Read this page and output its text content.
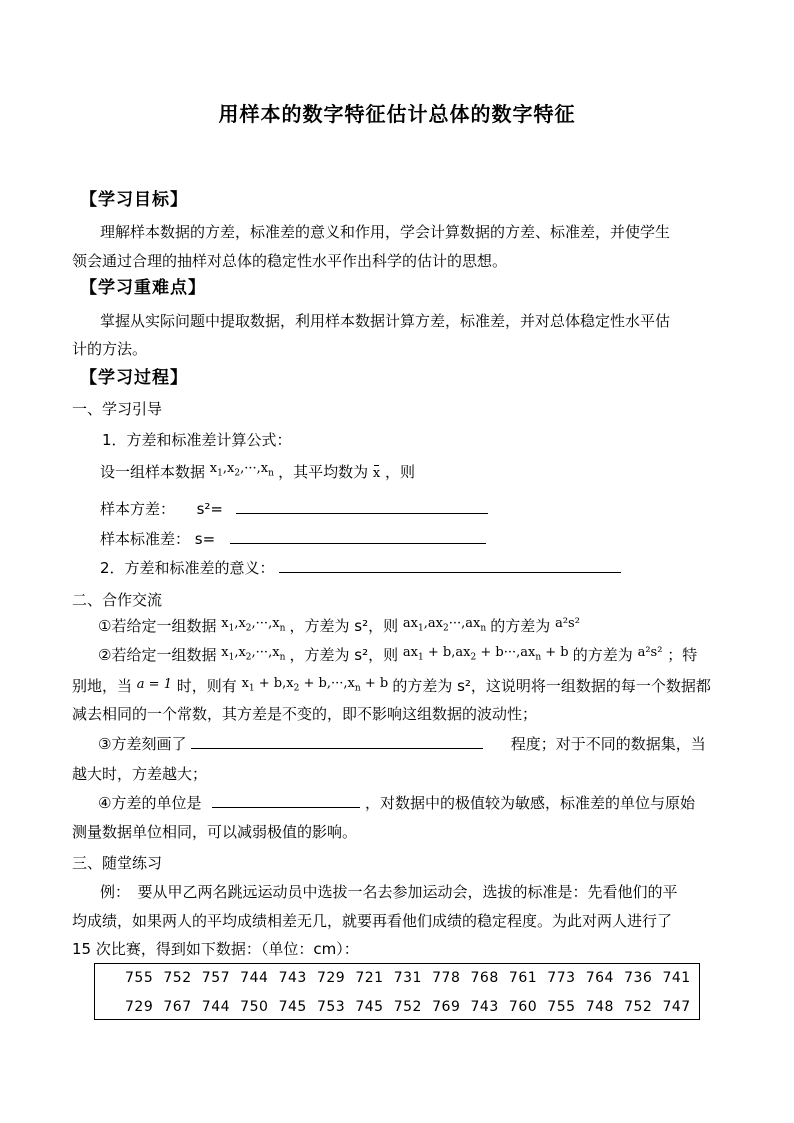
用样本的数字特征估计总体的数字特征
【学习目标】
理解样本数据的方差，标准差的意义和作用，学会计算数据的方差、标准差，并使学生
领会通过合理的抽样对总体的稳定性水平作出科学的估计的思想。
【学习重难点】
掌握从实际问题中提取数据，利用样本数据计算方差，标准差，并对总体稳定性水平估
计的方法。
【学习过程】
一、学习引导
1．方差和标准差计算公式：
设一组样本数据 $x_1,x_2,\cdot\cdot\cdot,x_n$ ，其平均数为 x ，则
样本方差： s²=
样本标准差： s=
2．方差和标准差的意义：
二、合作交流
①若给定一组数据 $x_1,x_2,\cdot\cdot\cdot,x_n$ ，方差为 s²，则 $ax_1,ax_2\cdot\cdot\cdot,ax_n$ 的方差为 a²s²
②若给定一组数据 $x_1,x_2,\cdot\cdot\cdot,x_n$ ，方差为 s²，则 $ax_1 + b,ax_2 + b\cdot\cdot\cdot,ax_n + b$ 的方差为 a²s² ；特
别地，当 a = 1 时，则有 $x_1 + b,x_2 + b,\cdot\cdot\cdot,x_n + b$ 的方差为 s²，这说明将一组数据的每一个数据都
减去相同的一个常数，其方差是不变的，即不影响这组数据的波动性；
③方差刻画了	程度；对于不同的数据集，当
越大时，方差越大；
④方差的单位是	，对数据中的极值较为敏感，标准差的单位与原始
测量数据单位相同，可以减弱极值的影响。
三、随堂练习
例：　要从甲乙两名跳远运动员中选拔一名去参加运动会，选拔的标准是：先看他们的平
均成绩，如果两人的平均成绩相差无几，就要再看他们成绩的稳定程度。为此对两人进行了
15 次比赛，得到如下数据：（单位：cm）：
755 752 757 744 743 729 721 731 778 768 761 773 764 736 741
729 767 744 750 745 753 745 752 769 743 760 755 748 752 747
